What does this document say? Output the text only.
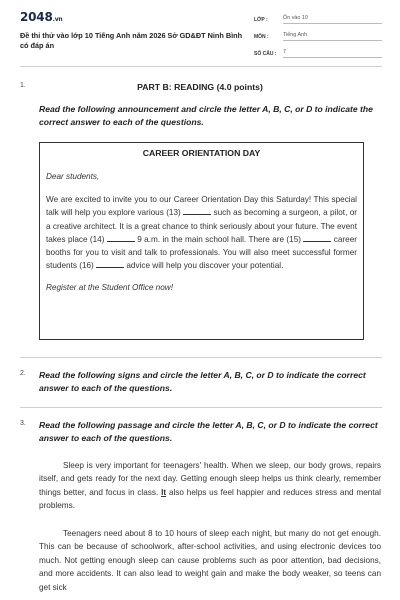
2048.vn
Đề thi thử vào lớp 10 Tiếng Anh năm 2026 Sở GD&ĐT Ninh Bình có đáp án
LỚP :	Ôn vào 10
MÔN :	Tiếng Anh
SỐ CÂU : 7
1.	PART B: READING (4.0 points)
Read the following announcement and circle the letter A, B, C, or D to indicate the correct answer to each of the questions.
CAREER ORIENTATION DAY
Dear students,
We are excited to invite you to our Career Orientation Day this Saturday! This special talk will help you explore various (13)	such as becoming a surgeon, a pilot, or a creative architect. It is a great chance to think seriously about your future. The event takes place (14)	9 a.m. in the main school hall. There are (15)	career booths for you to visit and talk to professionals. You will also meet successful former students (16)	advice will help you discover your potential.
Register at the Student Office now!
2. Read the following signs and circle the letter A, B, C, or D to indicate the correct answer to each of the questions.
3. Read the following passage and circle the letter A, B, C, or D to indicate the correct answer to each of the questions.
Sleep is very important for teenagers' health. When we sleep, our body grows, repairs itself, and gets ready for the next day. Getting enough sleep helps us think clearly, remember things better, and focus in class. It also helps us feel happier and reduces stress and mental problems.
Teenagers need about 8 to 10 hours of sleep each night, but many do not get enough. This can be because of schoolwork, after-school activities, and using electronic devices too much. Not getting enough sleep can cause problems such as poor attention, bad decisions, and more accidents. It can also lead to weight gain and make the body weaker, so teens can get sick
